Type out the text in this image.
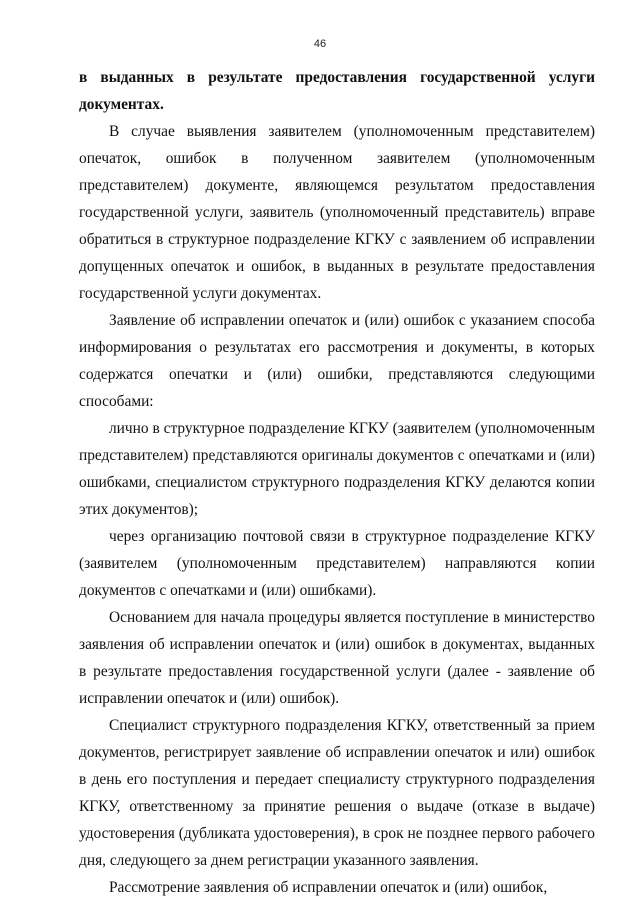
46

в выданных в результате предоставления государственной услуги документах.

В случае выявления заявителем (уполномоченным представителем) опечаток, ошибок в полученном заявителем (уполномоченным представителем) документе, являющемся результатом предоставления государственной услуги, заявитель (уполномоченный представитель) вправе обратиться в структурное подразделение КГКУ с заявлением об исправлении допущенных опечаток и ошибок, в выданных в результате предоставления государственной услуги документах.

Заявление об исправлении опечаток и (или) ошибок с указанием способа информирования о результатах его рассмотрения и документы, в которых содержатся опечатки и (или) ошибки, представляются следующими способами:

лично в структурное подразделение КГКУ (заявителем (уполномоченным представителем) представляются оригиналы документов с опечатками и (или) ошибками, специалистом структурного подразделения КГКУ делаются копии этих документов);

через организацию почтовой связи в структурное подразделение КГКУ (заявителем (уполномоченным представителем) направляются копии документов с опечатками и (или) ошибками).

Основанием для начала процедуры является поступление в министерство заявления об исправлении опечаток и (или) ошибок в документах, выданных в результате предоставления государственной услуги (далее - заявление об исправлении опечаток и (или) ошибок).

Специалист структурного подразделения КГКУ, ответственный за прием документов, регистрирует заявление об исправлении опечаток и или) ошибок в день его поступления и передает специалисту структурного подразделения КГКУ, ответственному за принятие решения о выдаче (отказе в выдаче) удостоверения (дубликата удостоверения), в срок не позднее первого рабочего дня, следующего за днем регистрации указанного заявления.

Рассмотрение заявления об исправлении опечаток и (или) ошибок,
